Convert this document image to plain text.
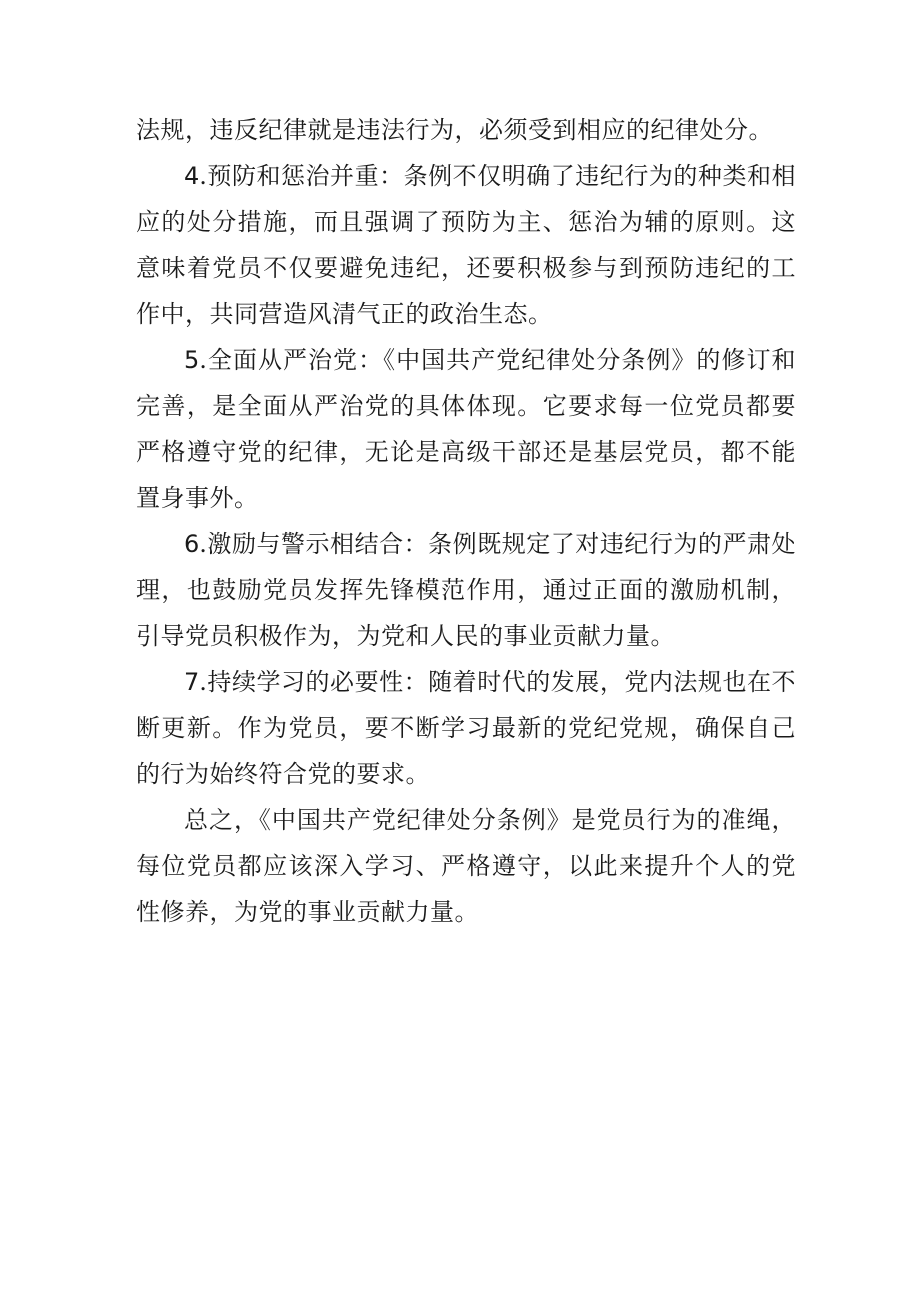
法规，违反纪律就是违法行为，必须受到相应的纪律处分。

4.预防和惩治并重：条例不仅明确了违纪行为的种类和相应的处分措施，而且强调了预防为主、惩治为辅的原则。这意味着党员不仅要避免违纪，还要积极参与到预防违纪的工作中，共同营造风清气正的政治生态。

5.全面从严治党：《中国共产党纪律处分条例》的修订和完善，是全面从严治党的具体体现。它要求每一位党员都要严格遵守党的纪律，无论是高级干部还是基层党员，都不能置身事外。

6.激励与警示相结合：条例既规定了对违纪行为的严肃处理，也鼓励党员发挥先锋模范作用，通过正面的激励机制，引导党员积极作为，为党和人民的事业贡献力量。

7.持续学习的必要性：随着时代的发展，党内法规也在不断更新。作为党员，要不断学习最新的党纪党规，确保自己的行为始终符合党的要求。

总之，《中国共产党纪律处分条例》是党员行为的准绳，每位党员都应该深入学习、严格遵守，以此来提升个人的党性修养，为党的事业贡献力量。
